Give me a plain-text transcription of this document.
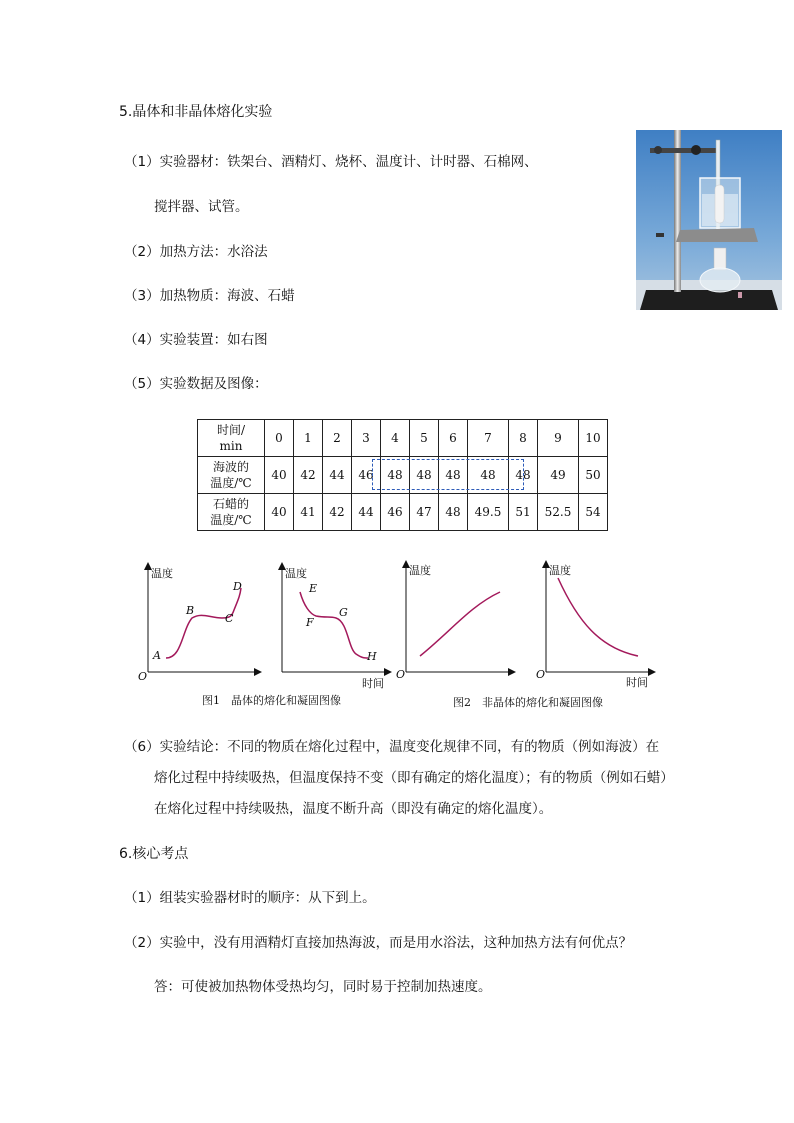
5.晶体和非晶体熔化实验
（1）实验器材：铁架台、酒精灯、烧杯、温度计、计时器、石棉网、
搅拌器、试管。
（2）加热方法：水浴法
（3）加热物质：海波、石蜡
（4）实验装置：如右图
（5）实验数据及图像：
时间/
min	0	1	2	3	4	5	6	7	8	9	10

海波的
温度/℃	40	42	44	46	48	48	48	48	48	49	50

石蜡的
温度/℃	40	41	42	44	46	47	48	49.5	51	52.5	54
温度
O
A
B
C
D
温度
时间
E
F
G
H
温度
O
温度
O
时间
图1　晶体的熔化和凝固图像	图2　非晶体的熔化和凝固图像
（6）实验结论：不同的物质在熔化过程中，温度变化规律不同，有的物质（例如海波）在
熔化过程中持续吸热，但温度保持不变（即有确定的熔化温度）；有的物质（例如石蜡）
在熔化过程中持续吸热，温度不断升高（即没有确定的熔化温度）。
6.核心考点
（1）组装实验器材时的顺序：从下到上。
（2）实验中，没有用酒精灯直接加热海波，而是用水浴法，这种加热方法有何优点？
答：可使被加热物体受热均匀，同时易于控制加热速度。
